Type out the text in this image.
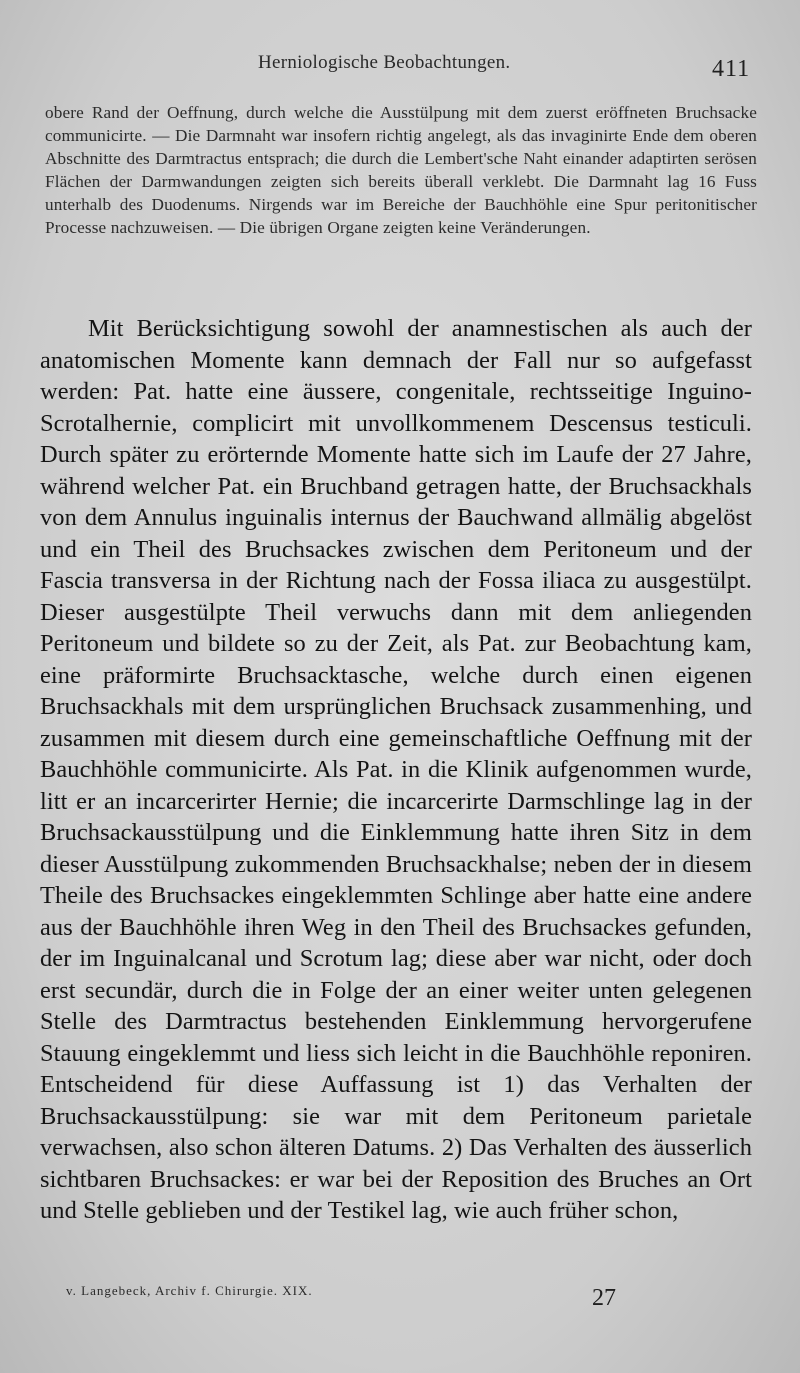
Herniologische Beobachtungen.	411
obere Rand der Oeffnung, durch welche die Ausstülpung mit dem zuerst eröffneten Bruchsacke communicirte. — Die Darmnaht war insofern richtig angelegt, als das invaginirte Ende dem oberen Abschnitte des Darmtractus entsprach; die durch die Lembert'sche Naht einander adaptirten serösen Flächen der Darmwandungen zeigten sich bereits überall verklebt. Die Darmnaht lag 16 Fuss unterhalb des Duodenums. Nirgends war im Bereiche der Bauchhöhle eine Spur peritonitischer Processe nachzuweisen. — Die übrigen Organe zeigten keine Veränderungen.
Mit Berücksichtigung sowohl der anamnestischen als auch der anatomischen Momente kann demnach der Fall nur so aufgefasst werden: Pat. hatte eine äussere, congenitale, rechtsseitige Inguino-Scrotalhernie, complicirt mit unvollkommenem Descensus testiculi. Durch später zu erörternde Momente hatte sich im Laufe der 27 Jahre, während welcher Pat. ein Bruchband getragen hatte, der Bruchsackhals von dem Annulus inguinalis internus der Bauchwand allmälig abgelöst und ein Theil des Bruchsackes zwischen dem Peritoneum und der Fascia transversa in der Richtung nach der Fossa iliaca zu ausgestülpt. Dieser ausgestülpte Theil verwuchs dann mit dem anliegenden Peritoneum und bildete so zu der Zeit, als Pat. zur Beobachtung kam, eine präformirte Bruchsacktasche, welche durch einen eigenen Bruchsackhals mit dem ursprünglichen Bruchsack zusammenhing, und zusammen mit diesem durch eine gemeinschaftliche Oeffnung mit der Bauchhöhle communicirte. Als Pat. in die Klinik aufgenommen wurde, litt er an incarcerirter Hernie; die incarcerirte Darmschlinge lag in der Bruchsackausstülpung und die Einklemmung hatte ihren Sitz in dem dieser Ausstülpung zukommenden Bruchsackhalse; neben der in diesem Theile des Bruchsackes eingeklemmten Schlinge aber hatte eine andere aus der Bauchhöhle ihren Weg in den Theil des Bruchsackes gefunden, der im Inguinalcanal und Scrotum lag; diese aber war nicht, oder doch erst secundär, durch die in Folge der an einer weiter unten gelegenen Stelle des Darmtractus bestehenden Einklemmung hervorgerufene Stauung eingeklemmt und liess sich leicht in die Bauchhöhle reponiren. Entscheidend für diese Auffassung ist 1) das Verhalten der Bruchsackausstülpung: sie war mit dem Peritoneum parietale verwachsen, also schon älteren Datums. 2) Das Verhalten des äusserlich sichtbaren Bruchsackes: er war bei der Reposition des Bruches an Ort und Stelle geblieben und der Testikel lag, wie auch früher schon,
v. Langebeck, Archiv f. Chirurgie. XIX.	27
